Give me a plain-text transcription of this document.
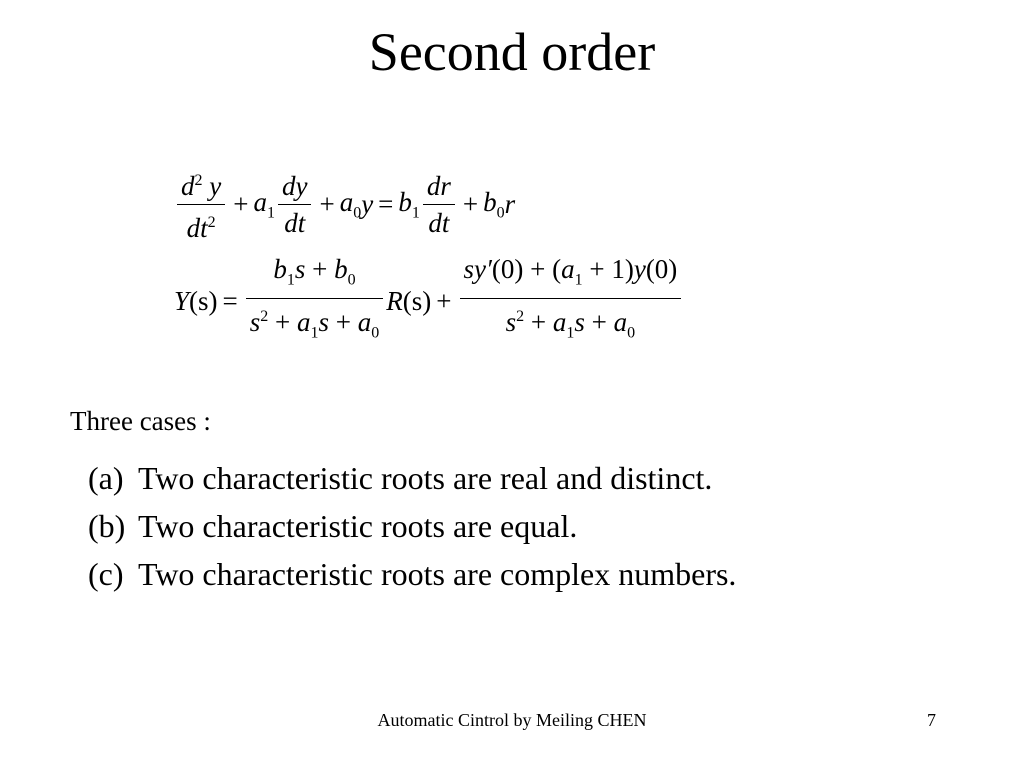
Second order
$\frac{d^2 y}{dt^2} + a_1 \frac{dy}{dt} + a_0$ $y = b_1 \frac{dr}{dt} + b_0$ r
Y $(s) = \frac{b_1s + b_0}{s^2 + a_1s + a_0}$ R $(s) + \frac{sy'(0) + (a_1 + 1)y(0)}{s^2 + a_1s + a_0}$
Three cases :
(a) Two characteristic roots are real and distinct.
(b) Two characteristic roots are equal.
(c) Two characteristic roots are complex numbers.
Automatic Cintrol by Meiling CHEN	7
